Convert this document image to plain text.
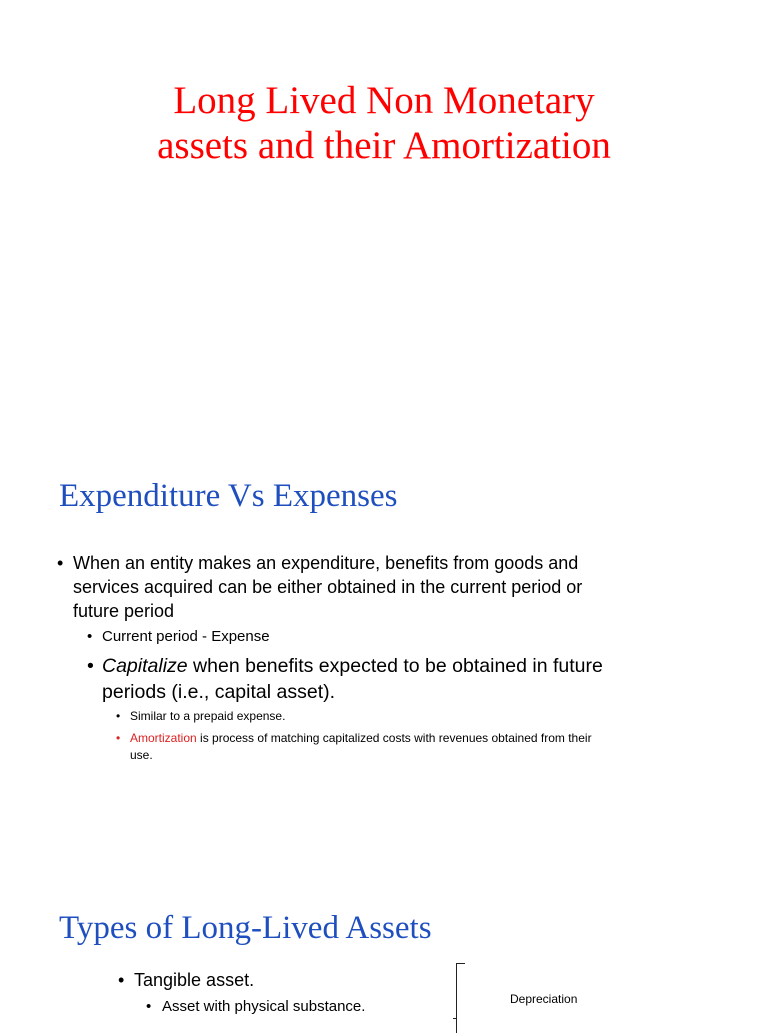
Long Lived Non Monetary
assets and their Amortization
Expenditure Vs Expenses
• When an entity makes an expenditure, benefits from goods and
services acquired can be either obtained in the current period or
future period
• Current period - Expense
• Capitalize when benefits expected to be obtained in future
periods (i.e., capital asset).
• Similar to a prepaid expense.
• Amortization is process of matching capitalized costs with revenues obtained from their
use.
Types of Long-Lived Assets
• Tangible asset.
• Asset with physical substance.	Depreciation
